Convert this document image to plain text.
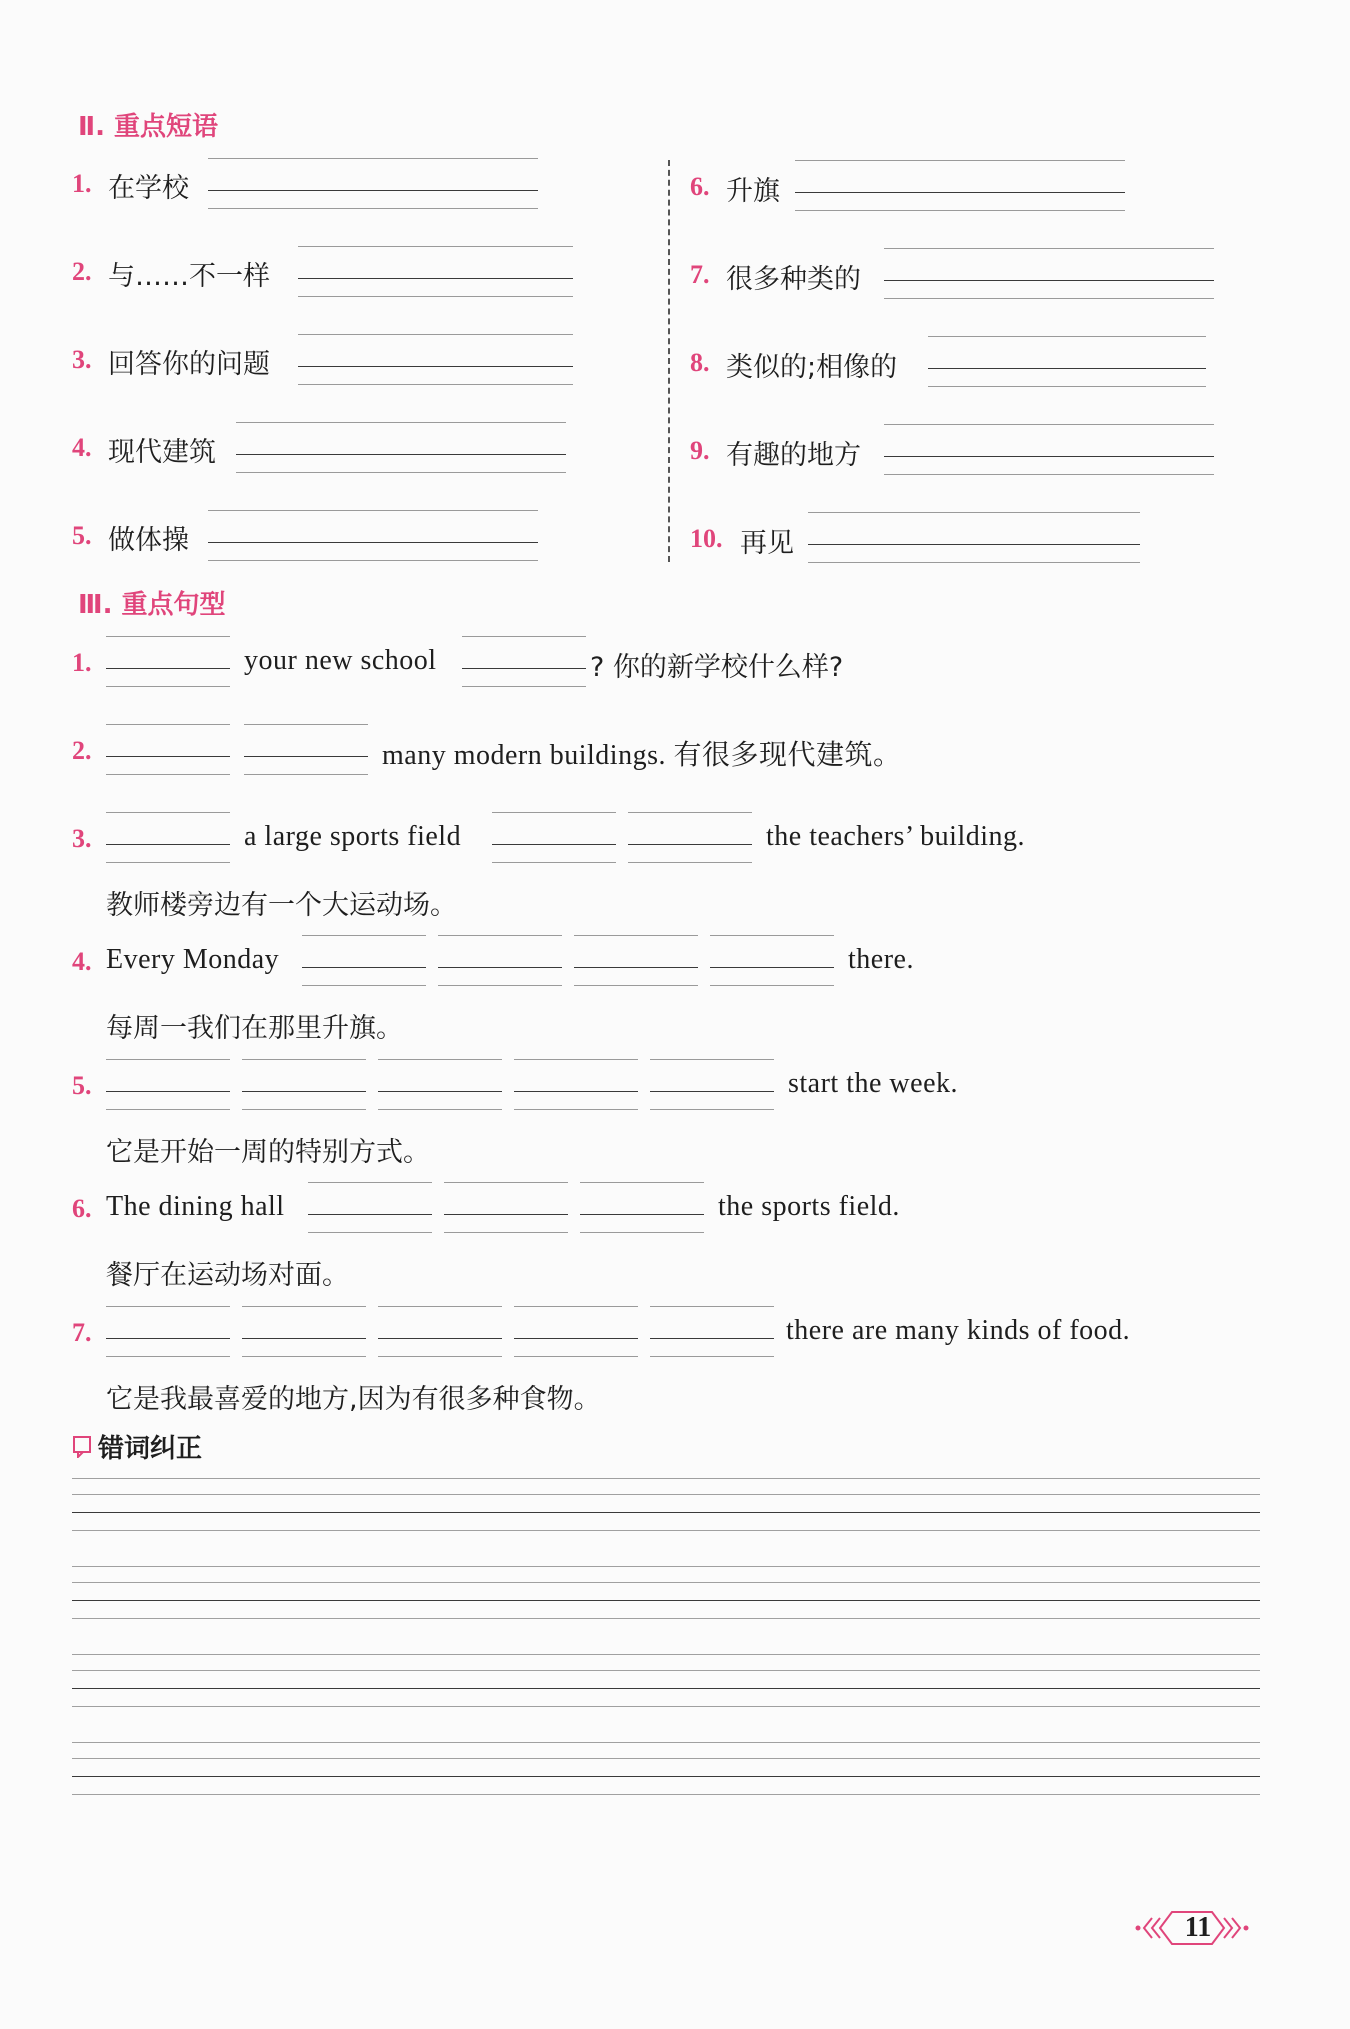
Ⅱ. 重点短语
1. 在学校
2. 与……不一样
3. 回答你的问题
4. 现代建筑
5. 做体操
6. 升旗
7. 很多种类的
8. 类似的;相像的
9. 有趣的地方
10. 再见
Ⅲ. 重点句型
1.	your new school	? 你的新学校什么样?
2.	many modern buildings. 有很多现代建筑。
3.	a large sports field	the teachers’ building.
教师楼旁边有一个大运动场。
4. Every Monday	there.
每周一我们在那里升旗。
5.	start the week.
它是开始一周的特别方式。
6. The dining hall	the sports field.
餐厅在运动场对面。
7.	there are many kinds of food.
它是我最喜爱的地方,因为有很多种食物。
错词纠正
11
